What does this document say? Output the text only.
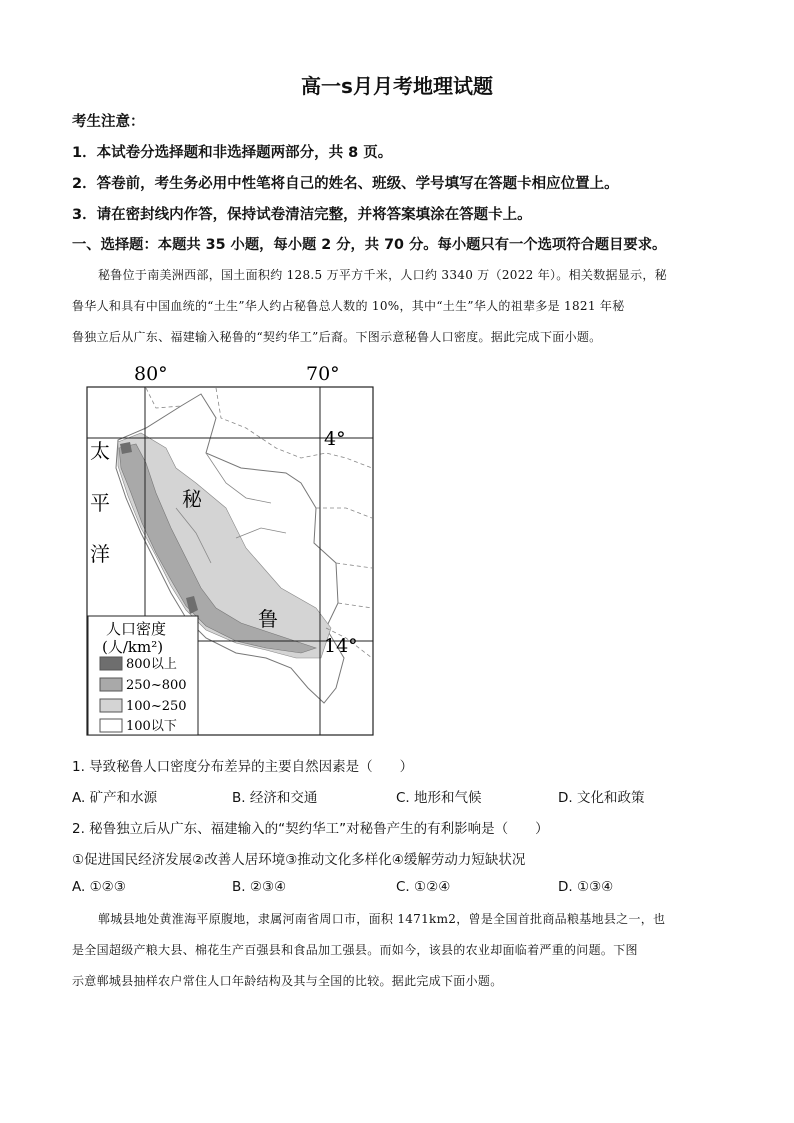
高一s月月考地理试题
考生注意：
1．本试卷分选择题和非选择题两部分，共 8 页。
2．答卷前，考生务必用中性笔将自己的姓名、班级、学号填写在答题卡相应位置上。
3．请在密封线内作答，保持试卷清洁完整，并将答案填涂在答题卡上。
一、选择题：本题共 35 小题，每小题 2 分，共 70 分。每小题只有一个选项符合题目要求。
秘鲁位于南美洲西部，国土面积约 128.5 万平方千米，人口约 3340 万（2022 年）。相关数据显示，秘
鲁华人和具有中国血统的“土生”华人约占秘鲁总人数的 10%，其中“土生”华人的祖辈多是 1821 年秘
鲁独立后从广东、福建输入秘鲁的“契约华工”后裔。下图示意秘鲁人口密度。据此完成下面小题。
80°	70°
太
平
洋
秘
鲁
4°
14°
人口密度
(人/km²)
800以上
250~800
100~250
100以下
1. 导致秘鲁人口密度分布差异的主要自然因素是（　　）
A. 矿产和水源	B. 经济和交通	C. 地形和气候	D. 文化和政策
2. 秘鲁独立后从广东、福建输入的“契约华工”对秘鲁产生的有利影响是（　　）
①促进国民经济发展②改善人居环境③推动文化多样化④缓解劳动力短缺状况
A. ①②③	B. ②③④	C. ①②④	D. ①③④
郸城县地处黄淮海平原腹地，隶属河南省周口市，面积 1471km2，曾是全国首批商品粮基地县之一，也
是全国超级产粮大县、棉花生产百强县和食品加工强县。而如今，该县的农业却面临着严重的问题。下图
示意郸城县抽样农户常住人口年龄结构及其与全国的比较。据此完成下面小题。
